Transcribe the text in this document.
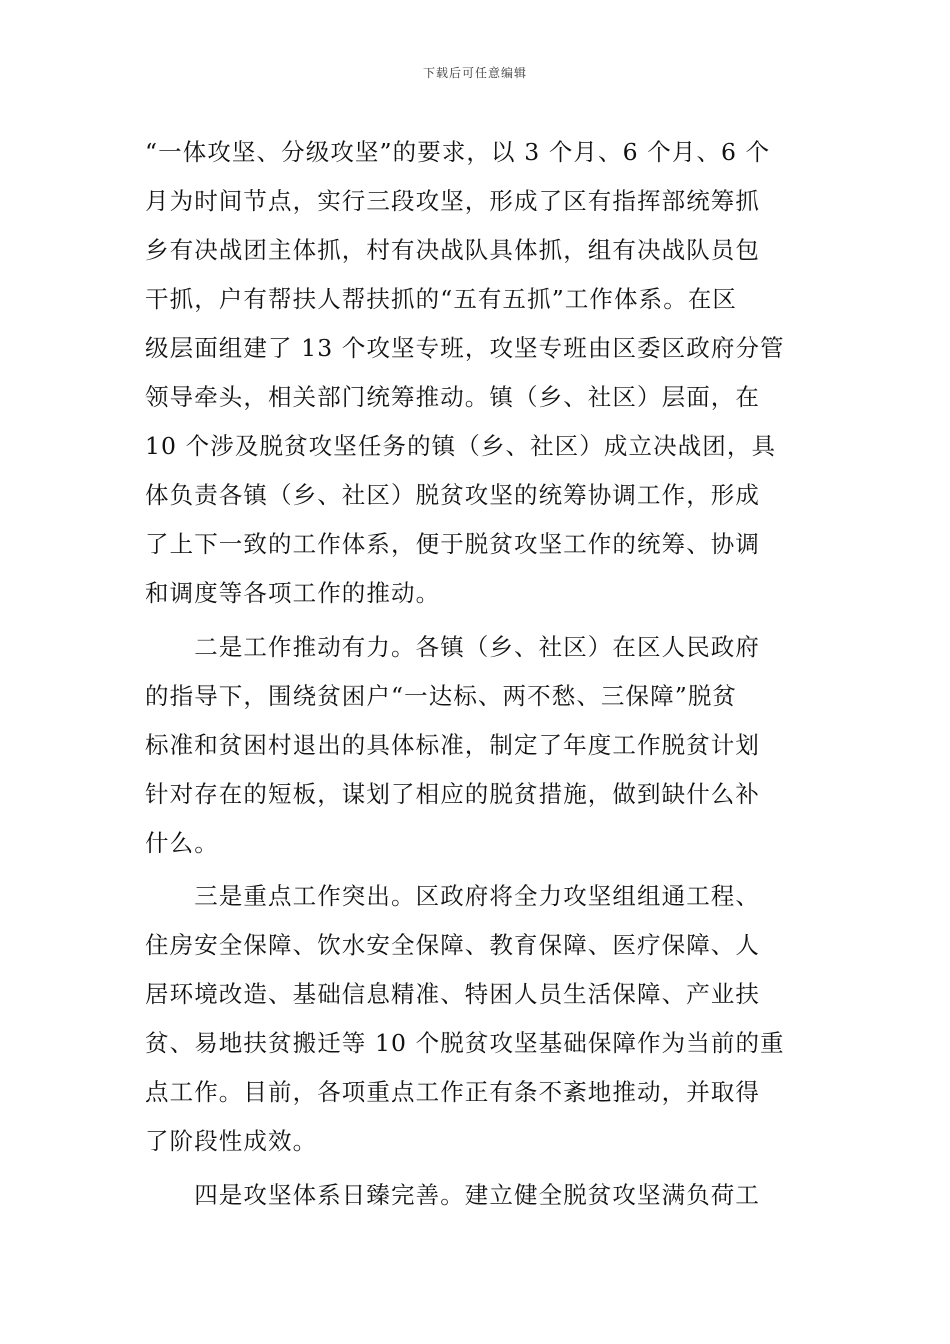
下载后可任意编辑
“一体攻坚、分级攻坚”的要求，以 3 个月、6 个月、6 个
月为时间节点，实行三段攻坚，形成了区有指挥部统筹抓
乡有决战团主体抓，村有决战队具体抓，组有决战队员包
干抓，户有帮扶人帮扶抓的“五有五抓”工作体系。在区
级层面组建了 13 个攻坚专班，攻坚专班由区委区政府分管
领导牵头，相关部门统筹推动。镇（乡、社区）层面，在
10 个涉及脱贫攻坚任务的镇（乡、社区）成立决战团，具
体负责各镇（乡、社区）脱贫攻坚的统筹协调工作，形成
了上下一致的工作体系，便于脱贫攻坚工作的统筹、协调
和调度等各项工作的推动。
　　二是工作推动有力。各镇（乡、社区）在区人民政府
的指导下，围绕贫困户“一达标、两不愁、三保障”脱贫
标准和贫困村退出的具体标准，制定了年度工作脱贫计划
针对存在的短板，谋划了相应的脱贫措施，做到缺什么补
什么。
　　三是重点工作突出。区政府将全力攻坚组组通工程、
住房安全保障、饮水安全保障、教育保障、医疗保障、人
居环境改造、基础信息精准、特困人员生活保障、产业扶
贫、易地扶贫搬迁等 10 个脱贫攻坚基础保障作为当前的重
点工作。目前，各项重点工作正有条不紊地推动，并取得
了阶段性成效。
　　四是攻坚体系日臻完善。建立健全脱贫攻坚满负荷工
